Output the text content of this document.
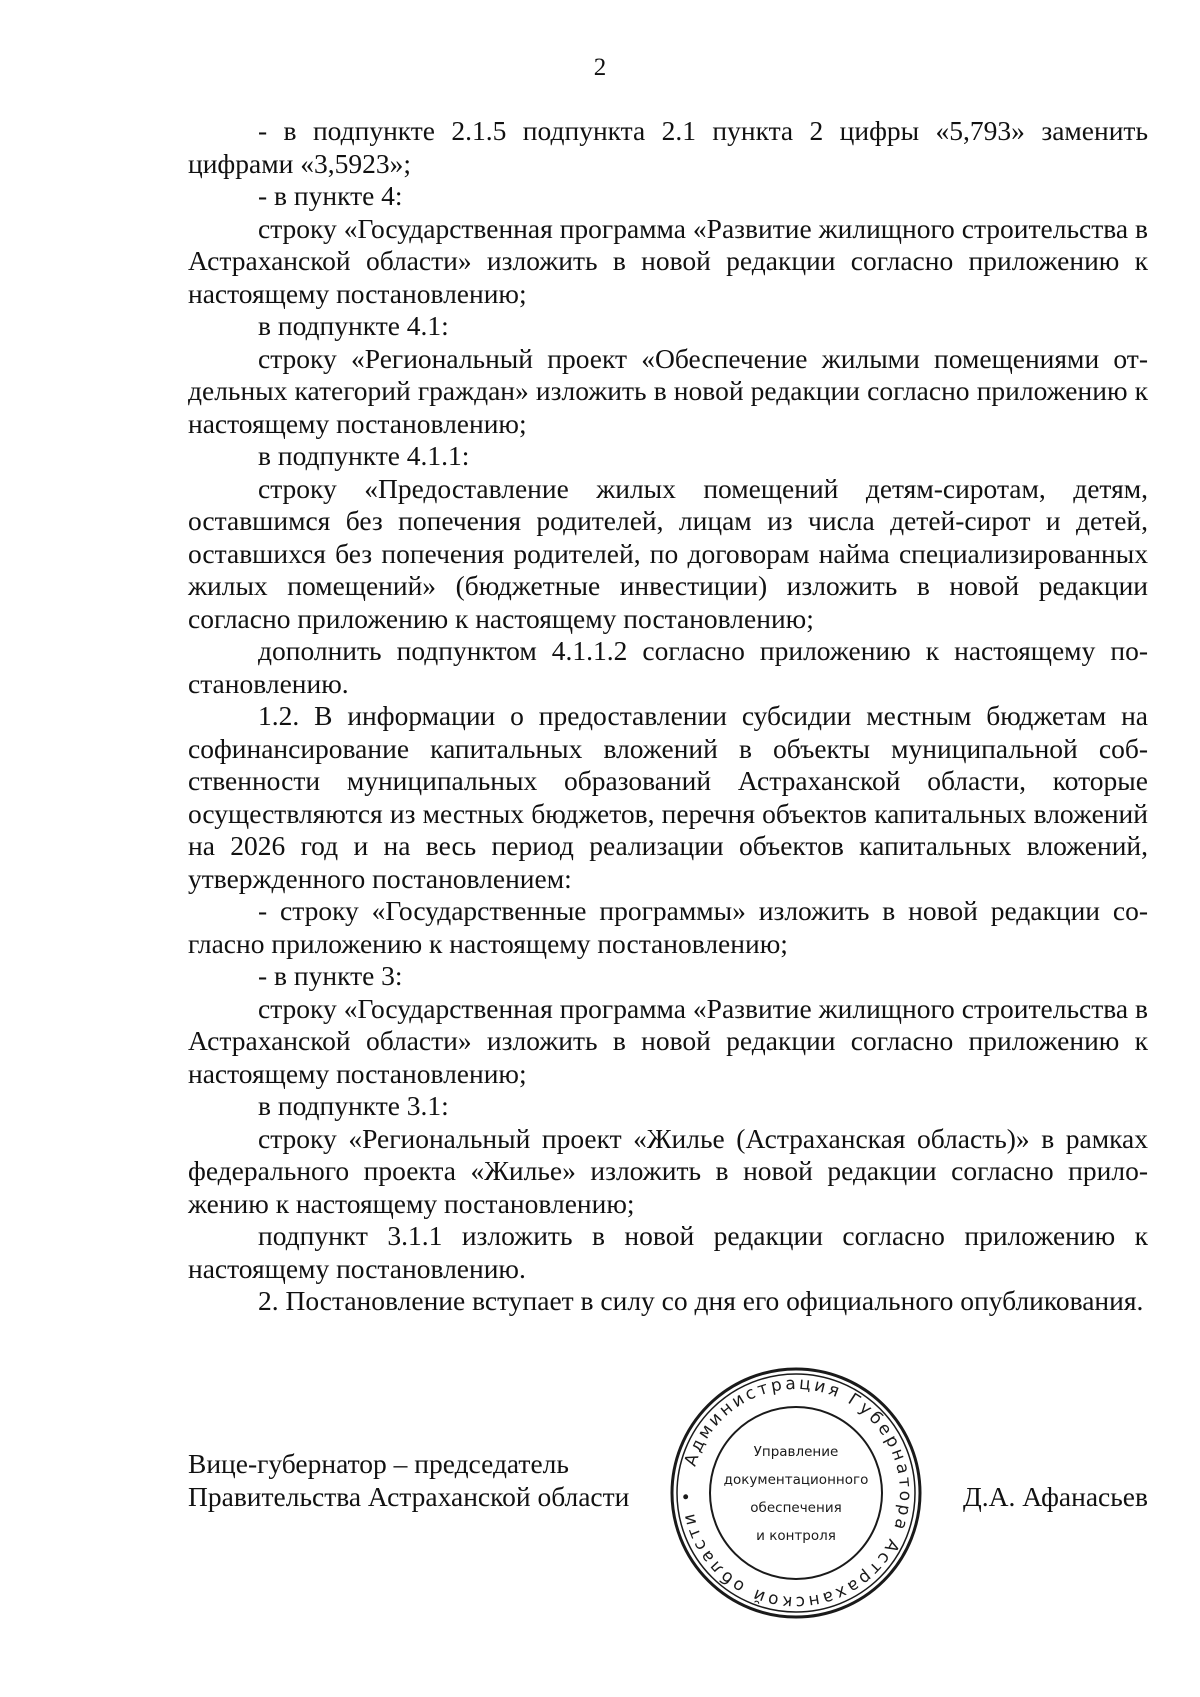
2

- в подпункте 2.1.5 подпункта 2.1 пункта 2 цифры «5,793» заменить цифрами «3,5923»;

- в пункте 4:

строку «Государственная программа «Развитие жилищного строительства в Астраханской области» изложить в новой редакции согласно приложению к настоящему постановлению;

в подпункте 4.1:

строку «Региональный проект «Обеспечение жилыми помещениями отдельных категорий граждан» изложить в новой редакции согласно приложению к настоящему постановлению;

в подпункте 4.1.1:

строку «Предоставление жилых помещений детям-сиротам, детям, оставшимся без попечения родителей, лицам из числа детей-сирот и детей, оставшихся без попечения родителей, по договорам найма специализированных жилых помещений» (бюджетные инвестиции) изложить в новой редакции согласно приложению к настоящему постановлению;

дополнить подпунктом 4.1.1.2 согласно приложению к настоящему постановлению.

1.2. В информации о предоставлении субсидии местным бюджетам на софинансирование капитальных вложений в объекты муниципальной собственности муниципальных образований Астраханской области, которые осуществляются из местных бюджетов, перечня объектов капитальных вложений на 2026 год и на весь период реализации объектов капитальных вложений, утвержденного постановлением:

- строку «Государственные программы» изложить в новой редакции согласно приложению к настоящему постановлению;

- в пункте 3:

строку «Государственная программа «Развитие жилищного строительства в Астраханской области» изложить в новой редакции согласно приложению к настоящему постановлению;

в подпункте 3.1:

строку «Региональный проект «Жилье (Астраханская область)» в рамках федерального проекта «Жилье» изложить в новой редакции согласно приложению к настоящему постановлению;

подпункт 3.1.1 изложить в новой редакции согласно приложению к настоящему постановлению.

2. Постановление вступает в силу со дня его официального опубликования.

Вице-губернатор – председатель
Правительства Астраханской области
Администрация Губернатора Астраханской области •
Управление
документационного
обеспечения
и контроля
Д.А. Афанасьев
